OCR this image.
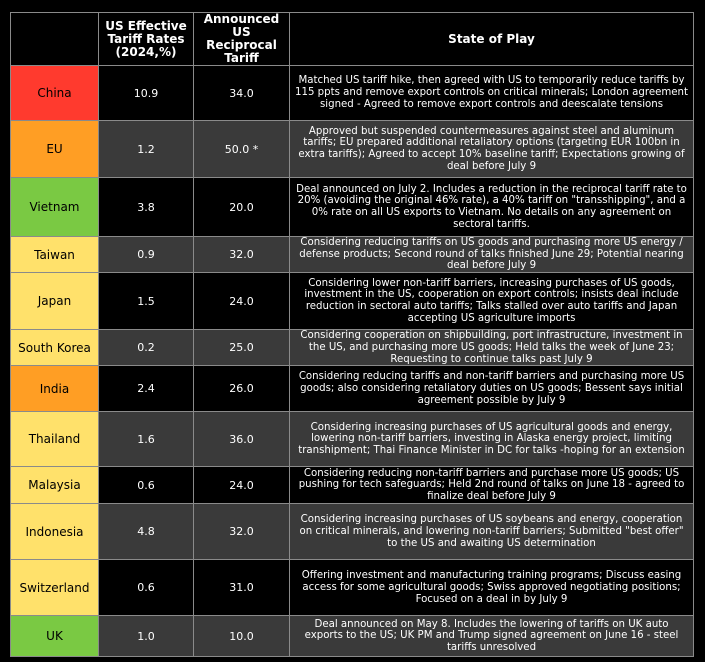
	US Effective Tariff Rates (2024,%)	Announced US Reciprocal Tariff	State of Play
China	10.9	34.0	Matched US tariff hike, then agreed with US to temporarily reduce tariffs by 115 ppts and remove export controls on critical minerals; London agreement signed - Agreed to remove export controls and deescalate tensions
EU	1.2	50.0 *	Approved but suspended countermeasures against steel and aluminum tariffs; EU prepared additional retaliatory options (targeting EUR 100bn in extra tariffs); Agreed to accept 10% baseline tariff; Expectations growing of deal before July 9
Vietnam	3.8	20.0	Deal announced on July 2. Includes a reduction in the reciprocal tariff rate to 20% (avoiding the original 46% rate), a 40% tariff on "transshipping", and a 0% rate on all US exports to Vietnam. No details on any agreement on sectoral tariffs.
Taiwan	0.9	32.0	Considering reducing tariffs on US goods and purchasing more US energy / defense products; Second round of talks finished June 29; Potential nearing deal before July 9
Japan	1.5	24.0	Considering lower non-tariff barriers, increasing purchases of US goods, investment in the US, cooperation on export controls; insists deal include reduction in sectoral auto tariffs; Talks stalled over auto tariffs and Japan accepting US agriculture imports
South Korea	0.2	25.0	Considering cooperation on shipbuilding, port infrastructure, investment in the US, and purchasing more US goods; Held talks the week of June 23; Requesting to continue talks past July 9
India	2.4	26.0	Considering reducing tariffs and non-tariff barriers and purchasing more US goods; also considering retaliatory duties on US goods; Bessent says initial agreement possible by July 9
Thailand	1.6	36.0	Considering increasing purchases of US agricultural goods and energy, lowering non-tariff barriers, investing in Alaska energy project, limiting transhipment; Thai Finance Minister in DC for talks -hoping for an extension
Malaysia	0.6	24.0	Considering reducing non-tariff barriers and purchase more US goods; US pushing for tech safeguards; Held 2nd round of talks on June 18 - agreed to finalize deal before July 9
Indonesia	4.8	32.0	Considering increasing purchases of US soybeans and energy, cooperation on critical minerals, and lowering non-tariff barriers; Submitted "best offer" to the US and awaiting US determination
Switzerland	0.6	31.0	Offering investment and manufacturing training programs; Discuss easing access for some agricultural goods; Swiss approved negotiating positions; Focused on a deal in by July 9
UK	1.0	10.0	Deal announced on May 8. Includes the lowering of tariffs on UK auto exports to the US; UK PM and Trump signed agreement on June 16 - steel tariffs unresolved
